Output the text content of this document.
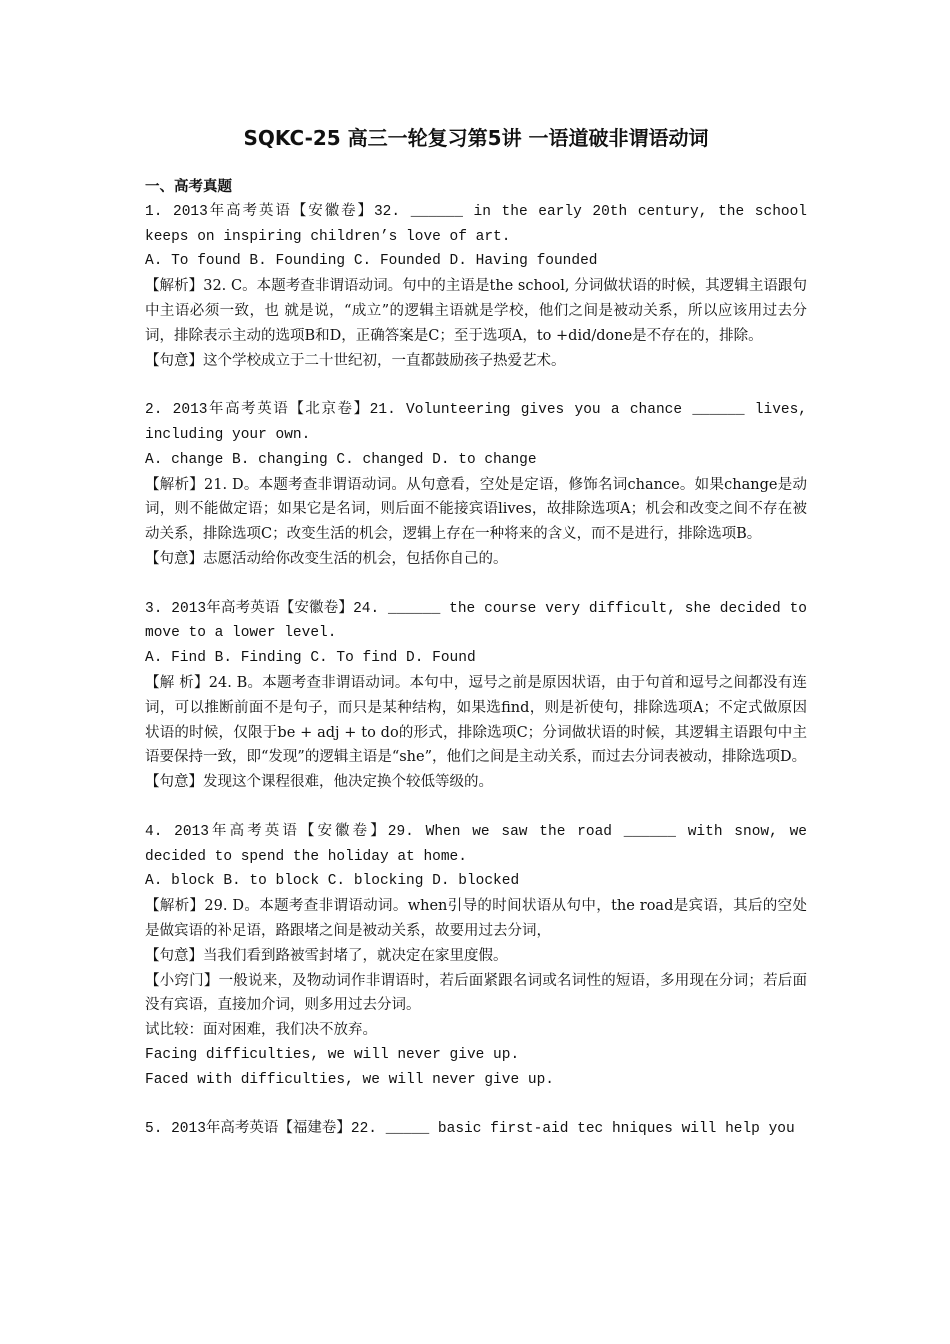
SQKC-25 高三一轮复习第5讲 一语道破非谓语动词

一、高考真题

1. 2013年高考英语【安徽卷】32. ______ in the early 20th century, the school keeps on inspiring children’s love of art.

A. To found B. Founding C. Founded D. Having founded

【解析】32. C。本题考查非谓语动词。句中的主语是the school, 分词做状语的时候，其逻辑主语跟句中主语必须一致，也 就是说，“成立”的逻辑主语就是学校，他们之间是被动关系，所以应该用过去分词，排除表示主动的选项B和D，正确答案是C；至于选项A，to +did/done是不存在的，排除。

【句意】这个学校成立于二十世纪初，一直都鼓励孩子热爱艺术。

2. 2013年高考英语【北京卷】21. Volunteering gives you a chance ______ lives, including your own.

A. change B. changing C. changed D. to change

【解析】21. D。本题考查非谓语动词。从句意看，空处是定语，修饰名词chance。如果change是动词，则不能做定语；如果它是名词，则后面不能接宾语lives，故排除选项A；机会和改变之间不存在被动关系，排除选项C；改变生活的机会，逻辑上存在一种将来的含义，而不是进行，排除选项B。

【句意】志愿活动给你改变生活的机会，包括你自己的。

3. 2013年高考英语【安徽卷】24. ______ the course very difficult, she decided to move to a lower level.

A. Find B. Finding C. To find D. Found

【解 析】24. B。本题考查非谓语动词。本句中，逗号之前是原因状语，由于句首和逗号之间都没有连词，可以推断前面不是句子，而只是某种结构，如果选find，则是祈使句，排除选项A；不定式做原因状语的时候，仅限于be + adj + to do的形式，排除选项C；分词做状语的时候，其逻辑主语跟句中主语要保持一致，即“发现”的逻辑主语是“she”，他们之间是主动关系，而过去分词表被动，排除选项D。

【句意】发现这个课程很难，他决定换个较低等级的。

4. 2013年高考英语【安徽卷】29. When we saw the road ______ with snow, we decided to spend the holiday at home.

A. block B. to block C. blocking D. blocked

【解析】29. D。本题考查非谓语动词。when引导的时间状语从句中，the road是宾语，其后的空处是做宾语的补足语，路跟堵之间是被动关系，故要用过去分词，

【句意】当我们看到路被雪封堵了，就决定在家里度假。

【小窍门】一般说来，及物动词作非谓语时，若后面紧跟名词或名词性的短语，多用现在分词；若后面没有宾语，直接加介词，则多用过去分词。

试比较：面对困难，我们决不放弃。

Facing difficulties, we will never give up.

Faced with difficulties, we will never give up.

5. 2013年高考英语【福建卷】22. _____ basic first-aid tec hniques will help you
